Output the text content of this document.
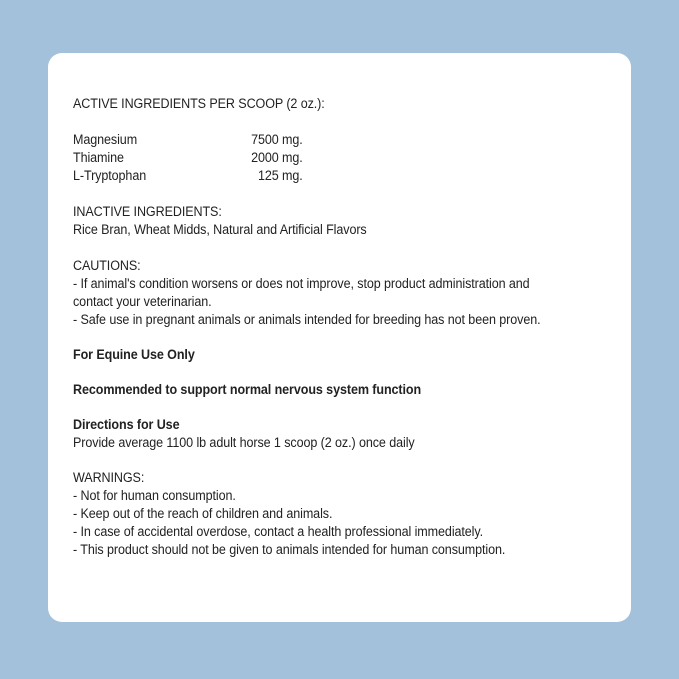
ACTIVE INGREDIENTS PER SCOOP (2 oz.):
Magnesium	7500 mg.
Thiamine	2000 mg.
L-Tryptophan	125 mg.
INACTIVE INGREDIENTS:
Rice Bran, Wheat Midds, Natural and Artificial Flavors
CAUTIONS:
- If animal's condition worsens or does not improve, stop product administration and
contact your veterinarian.
- Safe use in pregnant animals or animals intended for breeding has not been proven.
For Equine Use Only
Recommended to support normal nervous system function
Directions for Use
Provide average 1100 lb adult horse 1 scoop (2 oz.) once daily
WARNINGS:
- Not for human consumption.
- Keep out of the reach of children and animals.
- In case of accidental overdose, contact a health professional immediately.
- This product should not be given to animals intended for human consumption.
